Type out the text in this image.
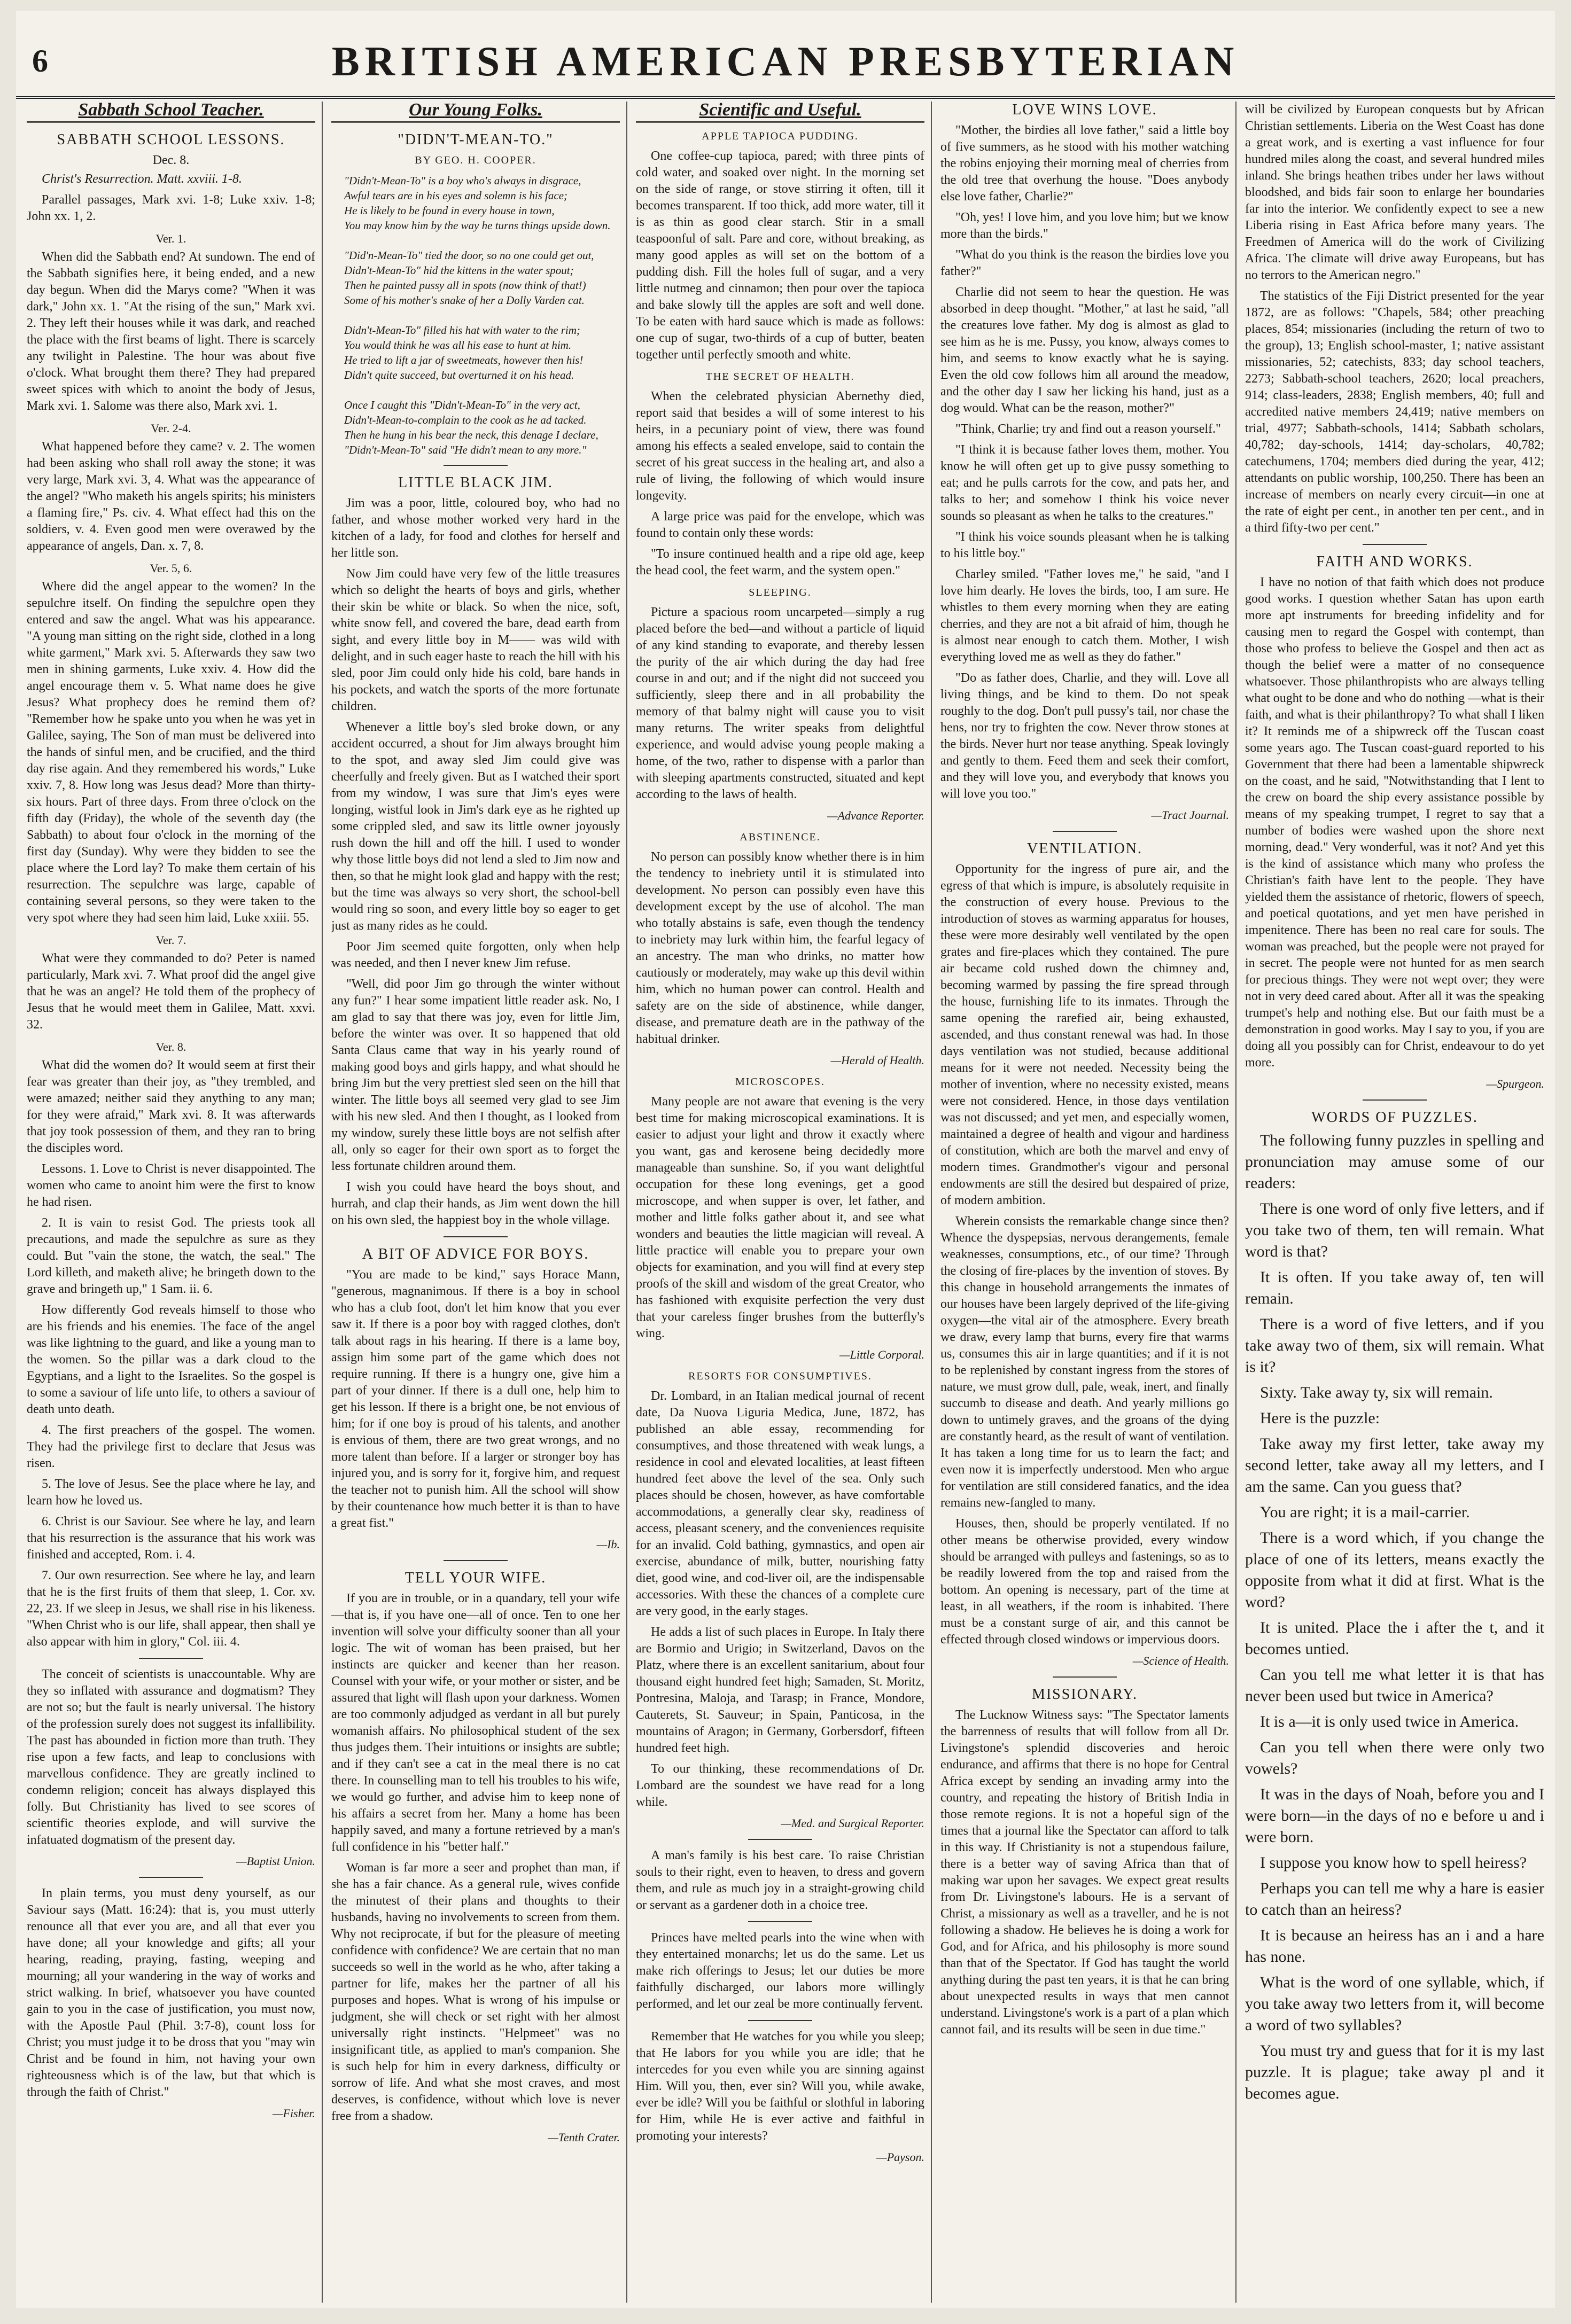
6	BRITISH AMERICAN PRESBYTERIAN
Sabbath School Teacher.
SABBATH SCHOOL LESSONS.
Dec. 8.

Christ's Resurrection. Matt. xxviii. 1-8.

Parallel passages, Mark xvi. 1-8; Luke xxiv. 1-8; John xx. 1, 2.

Ver. 1.

When did the Sabbath end? At sundown. The end of the Sabbath signifies here, it being ended, and a new day begun. When did the Marys come? "When it was dark," John xx. 1. "At the rising of the sun," Mark xvi. 2. They left their houses while it was dark, and reached the place with the first beams of light. There is scarcely any twilight in Palestine. The hour was about five o'clock. What brought them there? They had prepared sweet spices with which to anoint the body of Jesus, Mark xvi. 1. Salome was there also, Mark xvi. 1.

Ver. 2-4.

What happened before they came? v. 2. The women had been asking who shall roll away the stone; it was very large, Mark xvi. 3, 4. What was the appearance of the angel? "Who maketh his angels spirits; his ministers a flaming fire," Ps. civ. 4. What effect had this on the soldiers, v. 4. Even good men were overawed by the appearance of angels, Dan. x. 7, 8.

Ver. 5, 6.

Where did the angel appear to the women? In the sepulchre itself. On finding the sepulchre open they entered and saw the angel. What was his appearance. "A young man sitting on the right side, clothed in a long white garment," Mark xvi. 5. Afterwards they saw two men in shining garments, Luke xxiv. 4. How did the angel encourage them v. 5. What name does he give Jesus? What prophecy does he remind them of? "Remember how he spake unto you when he was yet in Galilee, saying, The Son of man must be delivered into the hands of sinful men, and be crucified, and the third day rise again. And they remembered his words," Luke xxiv. 7, 8. How long was Jesus dead? More than thirty-six hours. Part of three days. From three o'clock on the fifth day (Friday), the whole of the seventh day (the Sabbath) to about four o'clock in the morning of the first day (Sunday). Why were they bidden to see the place where the Lord lay? To make them certain of his resurrection. The sepulchre was large, capable of containing several persons, so they were taken to the very spot where they had seen him laid, Luke xxiii. 55.

Ver. 7.

What were they commanded to do? Peter is named particularly, Mark xvi. 7. What proof did the angel give that he was an angel? He told them of the prophecy of Jesus that he would meet them in Galilee, Matt. xxvi. 32.

Ver. 8.

What did the women do? It would seem at first their fear was greater than their joy, as "they trembled, and were amazed; neither said they anything to any man; for they were afraid," Mark xvi. 8. It was afterwards that joy took possession of them, and they ran to bring the disciples word.

Lessons. 1. Love to Christ is never disappointed. The women who came to anoint him were the first to know he had risen.

2. It is vain to resist God. The priests took all precautions, and made the sepulchre as sure as they could. But "vain the stone, the watch, the seal." The Lord killeth, and maketh alive; he bringeth down to the grave and bringeth up," 1 Sam. ii. 6.

How differently God reveals himself to those who are his friends and his enemies. The face of the angel was like lightning to the guard, and like a young man to the women. So the pillar was a dark cloud to the Egyptians, and a light to the Israelites. So the gospel is to some a saviour of life unto life, to others a saviour of death unto death.

4. The first preachers of the gospel. The women. They had the privilege first to declare that Jesus was risen.

5. The love of Jesus. See the place where he lay, and learn how he loved us.

6. Christ is our Saviour. See where he lay, and learn that his resurrection is the assurance that his work was finished and accepted, Rom. i. 4.

7. Our own resurrection. See where he lay, and learn that he is the first fruits of them that sleep, 1. Cor. xv. 22, 23. If we sleep in Jesus, we shall rise in his likeness. "When Christ who is our life, shall appear, then shall ye also appear with him in glory," Col. iii. 4.

The conceit of scientists is unaccountable. Why are they so inflated with assurance and dogmatism? They are not so; but the fault is nearly universal. The history of the profession surely does not suggest its infallibility. The past has abounded in fiction more than truth. They rise upon a few facts, and leap to conclusions with marvellous confidence. They are greatly inclined to condemn religion; conceit has always displayed this folly. But Christianity has lived to see scores of scientific theories explode, and will survive the infatuated dogmatism of the present day.

—Baptist Union.

In plain terms, you must deny yourself, as our Saviour says (Matt. 16:24): that is, you must utterly renounce all that ever you are, and all that ever you have done; all your knowledge and gifts; all your hearing, reading, praying, fasting, weeping and mourning; all your wandering in the way of works and strict walking. In brief, whatsoever you have counted gain to you in the case of justification, you must now, with the Apostle Paul (Phil. 3:7-8), count loss for Christ; you must judge it to be dross that you "may win Christ and be found in him, not having your own righteousness which is of the law, but that which is through the faith of Christ."

—Fisher.
Our Young Folks.
"DIDN'T-MEAN-TO."
BY GEO. H. COOPER.
"Didn't-Mean-To" is a boy who's always in disgrace,
Awful tears are in his eyes and solemn is his face;
He is likely to be found in every house in town,
You may know him by the way he turns things upside down.

"Did'n-Mean-To" tied the door, so no one could get out,
Didn't-Mean-To" hid the kittens in the water spout;
Then he painted pussy all in spots (now think of that!)
Some of his mother's snake of her a Dolly Varden cat.

Didn't-Mean-To" filled his hat with water to the rim;
You would think he was all his ease to hunt at him.
He tried to lift a jar of sweetmeats, however then his!
Didn't quite succeed, but overturned it on his head.

Once I caught this "Didn't-Mean-To" in the very act,
Didn't-Mean-to-complain to the cook as he ad tacked.
Then he hung in his bear the neck, this denage I declare,
"Didn't-Mean-To" said "He didn't mean to any more."
LITTLE BLACK JIM.

Jim was a poor, little, coloured boy, who had no father, and whose mother worked very hard in the kitchen of a lady, for food and clothes for herself and her little son.

Now Jim could have very few of the little treasures which so delight the hearts of boys and girls, whether their skin be white or black. So when the nice, soft, white snow fell, and covered the bare, dead earth from sight, and every little boy in M—— was wild with delight, and in such eager haste to reach the hill with his sled, poor Jim could only hide his cold, bare hands in his pockets, and watch the sports of the more fortunate children.

Whenever a little boy's sled broke down, or any accident occurred, a shout for Jim always brought him to the spot, and away sled Jim could give was cheerfully and freely given. But as I watched their sport from my window, I was sure that Jim's eyes were longing, wistful look in Jim's dark eye as he righted up some crippled sled, and saw its little owner joyously rush down the hill and off the hill. I used to wonder why those little boys did not lend a sled to Jim now and then, so that he might look glad and happy with the rest; but the time was always so very short, the school-bell would ring so soon, and every little boy so eager to get just as many rides as he could.

Poor Jim seemed quite forgotten, only when help was needed, and then I never knew Jim refuse.

"Well, did poor Jim go through the winter without any fun?" I hear some impatient little reader ask. No, I am glad to say that there was joy, even for little Jim, before the winter was over. It so happened that old Santa Claus came that way in his yearly round of making good boys and girls happy, and what should he bring Jim but the very prettiest sled seen on the hill that winter. The little boys all seemed very glad to see Jim with his new sled. And then I thought, as I looked from my window, surely these little boys are not selfish after all, only so eager for their own sport as to forget the less fortunate children around them.

I wish you could have heard the boys shout, and hurrah, and clap their hands, as Jim went down the hill on his own sled, the happiest boy in the whole village.

A BIT OF ADVICE FOR BOYS.

"You are made to be kind," says Horace Mann, "generous, magnanimous. If there is a boy in school who has a club foot, don't let him know that you ever saw it. If there is a poor boy with ragged clothes, don't talk about rags in his hearing. If there is a lame boy, assign him some part of the game which does not require running. If there is a hungry one, give him a part of your dinner. If there is a dull one, help him to get his lesson. If there is a bright one, be not envious of him; for if one boy is proud of his talents, and another is envious of them, there are two great wrongs, and no more talent than before. If a larger or stronger boy has injured you, and is sorry for it, forgive him, and request the teacher not to punish him. All the school will show by their countenance how much better it is than to have a great fist."

—Ib.
TELL YOUR WIFE.

If you are in trouble, or in a quandary, tell your wife—that is, if you have one—all of once. Ten to one her invention will solve your difficulty sooner than all your logic. The wit of woman has been praised, but her instincts are quicker and keener than her reason. Counsel with your wife, or your mother or sister, and be assured that light will flash upon your darkness. Women are too commonly adjudged as verdant in all but purely womanish affairs. No philosophical student of the sex thus judges them. Their intuitions or insights are subtle; and if they can't see a cat in the meal there is no cat there. In counselling man to tell his troubles to his wife, we would go further, and advise him to keep none of his affairs a secret from her. Many a home has been happily saved, and many a fortune retrieved by a man's full confidence in his "better half."

Woman is far more a seer and prophet than man, if she has a fair chance. As a general rule, wives confide the minutest of their plans and thoughts to their husbands, having no involvements to screen from them. Why not reciprocate, if but for the pleasure of meeting confidence with confidence? We are certain that no man succeeds so well in the world as he who, after taking a partner for life, makes her the partner of all his purposes and hopes. What is wrong of his impulse or judgment, she will check or set right with her almost universally right instincts. "Helpmeet" was no insignificant title, as applied to man's companion. She is such help for him in every darkness, difficulty or sorrow of life. And what she most craves, and most deserves, is confidence, without which love is never free from a shadow.

—Tenth Crater.
Scientific and Useful.
APPLE TAPIOCA PUDDING.

One coffee-cup tapioca, pared; with three pints of cold water, and soaked over night. In the morning set on the side of range, or stove stirring it often, till it becomes transparent. If too thick, add more water, till it is as thin as good clear starch. Stir in a small teaspoonful of salt. Pare and core, without breaking, as many good apples as will set on the bottom of a pudding dish. Fill the holes full of sugar, and a very little nutmeg and cinnamon; then pour over the tapioca and bake slowly till the apples are soft and well done. To be eaten with hard sauce which is made as follows: one cup of sugar, two-thirds of a cup of butter, beaten together until perfectly smooth and white.

THE SECRET OF HEALTH.

When the celebrated physician Abernethy died, report said that besides a will of some interest to his heirs, in a pecuniary point of view, there was found among his effects a sealed envelope, said to contain the secret of his great success in the healing art, and also a rule of living, the following of which would insure longevity.

A large price was paid for the envelope, which was found to contain only these words:

"To insure continued health and a ripe old age, keep the head cool, the feet warm, and the system open."

SLEEPING.

Picture a spacious room uncarpeted—simply a rug placed before the bed—and without a particle of liquid of any kind standing to evaporate, and thereby lessen the purity of the air which during the day had free course in and out; and if the night did not succeed you sufficiently, sleep there and in all probability the memory of that balmy night will cause you to visit many returns. The writer speaks from delightful experience, and would advise young people making a home, of the two, rather to dispense with a parlor than with sleeping apartments constructed, situated and kept according to the laws of health.

—Advance Reporter.
ABSTINENCE.

No person can possibly know whether there is in him the tendency to inebriety until it is stimulated into development. No person can possibly even have this development except by the use of alcohol. The man who totally abstains is safe, even though the tendency to inebriety may lurk within him, the fearful legacy of an ancestry. The man who drinks, no matter how cautiously or moderately, may wake up this devil within him, which no human power can control. Health and safety are on the side of abstinence, while danger, disease, and premature death are in the pathway of the habitual drinker.

—Herald of Health.
MICROSCOPES.

Many people are not aware that evening is the very best time for making microscopical examinations. It is easier to adjust your light and throw it exactly where you want, gas and kerosene being decidedly more manageable than sunshine. So, if you want delightful occupation for these long evenings, get a good microscope, and when supper is over, let father, and mother and little folks gather about it, and see what wonders and beauties the little magician will reveal. A little practice will enable you to prepare your own objects for examination, and you will find at every step proofs of the skill and wisdom of the great Creator, who has fashioned with exquisite perfection the very dust that your careless finger brushes from the butterfly's wing.

—Little Corporal.
RESORTS FOR CONSUMPTIVES.

Dr. Lombard, in an Italian medical journal of recent date, Da Nuova Liguria Medica, June, 1872, has published an able essay, recommending for consumptives, and those threatened with weak lungs, a residence in cool and elevated localities, at least fifteen hundred feet above the level of the sea. Only such places should be chosen, however, as have comfortable accommodations, a generally clear sky, readiness of access, pleasant scenery, and the conveniences requisite for an invalid. Cold bathing, gymnastics, and open air exercise, abundance of milk, butter, nourishing fatty diet, good wine, and cod-liver oil, are the indispensable accessories. With these the chances of a complete cure are very good, in the early stages.

He adds a list of such places in Europe. In Italy there are Bormio and Urigio; in Switzerland, Davos on the Platz, where there is an excellent sanitarium, about four thousand eight hundred feet high; Samaden, St. Moritz, Pontresina, Maloja, and Tarasp; in France, Mondore, Cauterets, St. Sauveur; in Spain, Panticosa, in the mountains of Aragon; in Germany, Gorbersdorf, fifteen hundred feet high.

To our thinking, these recommendations of Dr. Lombard are the soundest we have read for a long while.

—Med. and Surgical Reporter.

A man's family is his best care. To raise Christian souls to their right, even to heaven, to dress and govern them, and rule as much joy in a straight-growing child or servant as a gardener doth in a choice tree.

Princes have melted pearls into the wine when with they entertained monarchs; let us do the same. Let us make rich offerings to Jesus; let our duties be more faithfully discharged, our labors more willingly performed, and let our zeal be more continually fervent.

Remember that He watches for you while you sleep; that He labors for you while you are idle; that he intercedes for you even while you are sinning against Him. Will you, then, ever sin? Will you, while awake, ever be idle? Will you be faithful or slothful in laboring for Him, while He is ever active and faithful in promoting your interests?

—Payson.
LOVE WINS LOVE.

"Mother, the birdies all love father," said a little boy of five summers, as he stood with his mother watching the robins enjoying their morning meal of cherries from the old tree that overhung the house. "Does anybody else love father, Charlie?"

"Oh, yes! I love him, and you love him; but we know more than the birds."

"What do you think is the reason the birdies love you father?"

Charlie did not seem to hear the question. He was absorbed in deep thought. "Mother," at last he said, "all the creatures love father. My dog is almost as glad to see him as he is me. Pussy, you know, always comes to him, and seems to know exactly what he is saying. Even the old cow follows him all around the meadow, and the other day I saw her licking his hand, just as a dog would. What can be the reason, mother?"

"Think, Charlie; try and find out a reason yourself."

"I think it is because father loves them, mother. You know he will often get up to give pussy something to eat; and he pulls carrots for the cow, and pats her, and talks to her; and somehow I think his voice never sounds so pleasant as when he talks to the creatures."

"I think his voice sounds pleasant when he is talking to his little boy."

Charley smiled. "Father loves me," he said, "and I love him dearly. He loves the birds, too, I am sure. He whistles to them every morning when they are eating cherries, and they are not a bit afraid of him, though he is almost near enough to catch them. Mother, I wish everything loved me as well as they do father."

"Do as father does, Charlie, and they will. Love all living things, and be kind to them. Do not speak roughly to the dog. Don't pull pussy's tail, nor chase the hens, nor try to frighten the cow. Never throw stones at the birds. Never hurt nor tease anything. Speak lovingly and gently to them. Feed them and seek their comfort, and they will love you, and everybody that knows you will love you too."

—Tract Journal.
VENTILATION.

Opportunity for the ingress of pure air, and the egress of that which is impure, is absolutely requisite in the construction of every house. Previous to the introduction of stoves as warming apparatus for houses, these were more desirably well ventilated by the open grates and fire-places which they contained. The pure air became cold rushed down the chimney and, becoming warmed by passing the fire spread through the house, furnishing life to its inmates. Through the same opening the rarefied air, being exhausted, ascended, and thus constant renewal was had. In those days ventilation was not studied, because additional means for it were not needed. Necessity being the mother of invention, where no necessity existed, means were not considered. Hence, in those days ventilation was not discussed; and yet men, and especially women, maintained a degree of health and vigour and hardiness of constitution, which are both the marvel and envy of modern times. Grandmother's vigour and personal endowments are still the desired but despaired of prize, of modern ambition.

Wherein consists the remarkable change since then? Whence the dyspepsias, nervous derangements, female weaknesses, consumptions, etc., of our time? Through the closing of fire-places by the invention of stoves. By this change in household arrangements the inmates of our houses have been largely deprived of the life-giving oxygen—the vital air of the atmosphere. Every breath we draw, every lamp that burns, every fire that warms us, consumes this air in large quantities; and if it is not to be replenished by constant ingress from the stores of nature, we must grow dull, pale, weak, inert, and finally succumb to disease and death. And yearly millions go down to untimely graves, and the groans of the dying are constantly heard, as the result of want of ventilation. It has taken a long time for us to learn the fact; and even now it is imperfectly understood. Men who argue for ventilation are still considered fanatics, and the idea remains new-fangled to many.

Houses, then, should be properly ventilated. If no other means be otherwise provided, every window should be arranged with pulleys and fastenings, so as to be readily lowered from the top and raised from the bottom. An opening is necessary, part of the time at least, in all weathers, if the room is inhabited. There must be a constant surge of air, and this cannot be effected through closed windows or impervious doors.

—Science of Health.
MISSIONARY.

The Lucknow Witness says: "The Spectator laments the barrenness of results that will follow from all Dr. Livingstone's splendid discoveries and heroic endurance, and affirms that there is no hope for Central Africa except by sending an invading army into the country, and repeating the history of British India in those remote regions. It is not a hopeful sign of the times that a journal like the Spectator can afford to talk in this way. If Christianity is not a stupendous failure, there is a better way of saving Africa than that of making war upon her savages. We expect great results from Dr. Livingstone's labours. He is a servant of Christ, a missionary as well as a traveller, and he is not following a shadow. He believes he is doing a work for God, and for Africa, and his philosophy is more sound than that of the Spectator. If God has taught the world anything during the past ten years, it is that he can bring about unexpected results in ways that men cannot understand. Livingstone's work is a part of a plan which cannot fail, and its results will be seen in due time."

will be civilized by European conquests but by African Christian settlements. Liberia on the West Coast has done a great work, and is exerting a vast influence for four hundred miles along the coast, and several hundred miles inland. She brings heathen tribes under her laws without bloodshed, and bids fair soon to enlarge her boundaries far into the interior. We confidently expect to see a new Liberia rising in East Africa before many years. The Freedmen of America will do the work of Civilizing Africa. The climate will drive away Europeans, but has no terrors to the American negro."

The statistics of the Fiji District presented for the year 1872, are as follows: "Chapels, 584; other preaching places, 854; missionaries (including the return of two to the group), 13; English school-master, 1; native assistant missionaries, 52; catechists, 833; day school teachers, 2273; Sabbath-school teachers, 2620; local preachers, 914; class-leaders, 2838; English members, 40; full and accredited native members 24,419; native members on trial, 4977; Sabbath-schools, 1414; Sabbath scholars, 40,782; day-schools, 1414; day-scholars, 40,782; catechumens, 1704; members died during the year, 412; attendants on public worship, 100,250. There has been an increase of members on nearly every circuit—in one at the rate of eight per cent., in another ten per cent., and in a third fifty-two per cent."

FAITH AND WORKS.

I have no notion of that faith which does not produce good works. I question whether Satan has upon earth more apt instruments for breeding infidelity and for causing men to regard the Gospel with contempt, than those who profess to believe the Gospel and then act as though the belief were a matter of no consequence whatsoever. Those philanthropists who are always telling what ought to be done and who do nothing —what is their faith, and what is their philanthropy? To what shall I liken it? It reminds me of a shipwreck off the Tuscan coast some years ago. The Tuscan coast-guard reported to his Government that there had been a lamentable shipwreck on the coast, and he said, "Notwithstanding that I lent to the crew on board the ship every assistance possible by means of my speaking trumpet, I regret to say that a number of bodies were washed upon the shore next morning, dead." Very wonderful, was it not? And yet this is the kind of assistance which many who profess the Christian's faith have lent to the people. They have yielded them the assistance of rhetoric, flowers of speech, and poetical quotations, and yet men have perished in impenitence. There has been no real care for souls. The woman was preached, but the people were not prayed for in secret. The people were not hunted for as men search for precious things. They were not wept over; they were not in very deed cared about. After all it was the speaking trumpet's help and nothing else. But our faith must be a demonstration in good works. May I say to you, if you are doing all you possibly can for Christ, endeavour to do yet more.

—Spurgeon.
WORDS OF PUZZLES.

The following funny puzzles in spelling and pronunciation may amuse some of our readers:

There is one word of only five letters, and if you take two of them, ten will remain. What word is that?

It is often. If you take away of, ten will remain.

There is a word of five letters, and if you take away two of them, six will remain. What is it?

Sixty. Take away ty, six will remain.

Here is the puzzle:

Take away my first letter, take away my second letter, take away all my letters, and I am the same. Can you guess that?

You are right; it is a mail-carrier.

There is a word which, if you change the place of one of its letters, means exactly the opposite from what it did at first. What is the word?

It is united. Place the i after the t, and it becomes untied.

Can you tell me what letter it is that has never been used but twice in America?

It is a—it is only used twice in America.

Can you tell when there were only two vowels?

It was in the days of Noah, before you and I were born—in the days of no e before u and i were born.

I suppose you know how to spell heiress?

Perhaps you can tell me why a hare is easier to catch than an heiress?

It is because an heiress has an i and a hare has none.

What is the word of one syllable, which, if you take away two letters from it, will become a word of two syllables?

You must try and guess that for it is my last puzzle. It is plague; take away pl and it becomes ague.
